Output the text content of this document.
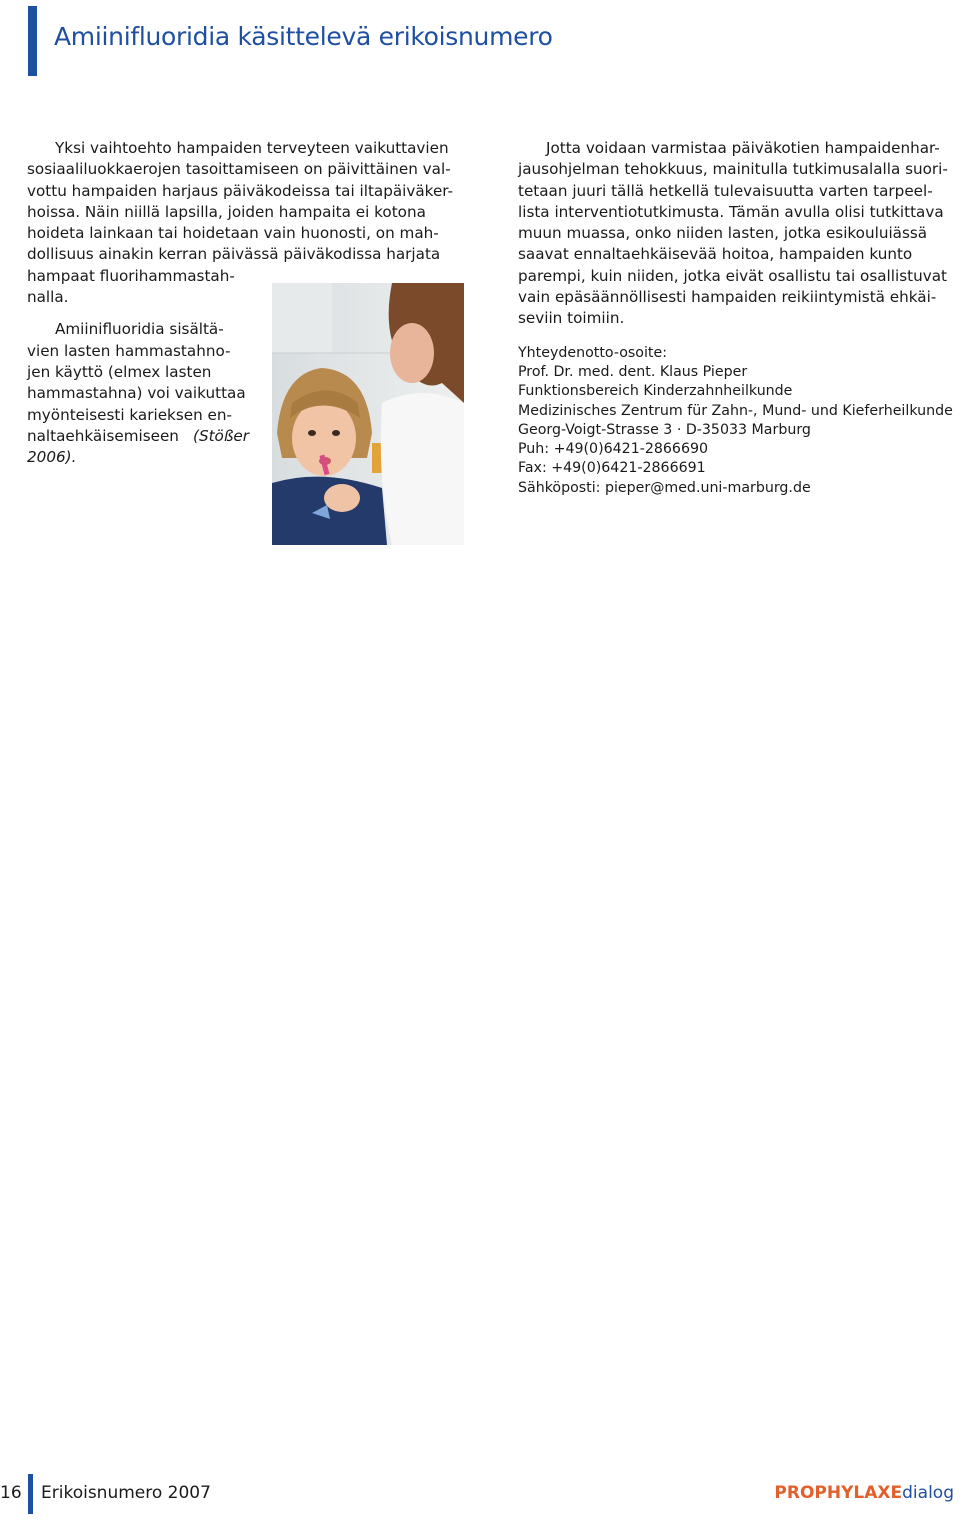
Amiinifluoridia käsittelevä erikoisnumero

Yksi vaihtoehto hampaiden terveyteen vaikuttavien
sosiaaliluokkaerojen tasoittamiseen on päivittäinen val-
vottu hampaiden harjaus päiväkodeissa tai iltapäiväker-
hoissa. Näin niillä lapsilla, joiden hampaita ei kotona
hoideta lainkaan tai hoidetaan vain huonosti, on mah-
dollisuus ainakin kerran päivässä päiväkodissa harjata
hampaat fluorihammastah-
nalla.

Amiinifluoridia sisältä-
vien lasten hammastahno-
jen käyttö (elmex lasten
hammastahna) voi vaikuttaa
myönteisesti karieksen en-
naltaehkäisemiseen (Stößer 2006).

Jotta voidaan varmistaa päiväkotien hampaidenhar-
jausohjelman tehokkuus, mainitulla tutkimusalalla suori-
tetaan juuri tällä hetkellä tulevaisuutta varten tarpeel-
lista interventiotutkimusta. Tämän avulla olisi tutkittava
muun muassa, onko niiden lasten, jotka esikouluiässä
saavat ennaltaehkäisevää hoitoa, hampaiden kunto
parempi, kuin niiden, jotka eivät osallistu tai osallistuvat
vain epäsäännöllisesti hampaiden reikiintymistä ehkäi-
seviin toimiin.

Yhteydenotto-osoite:
Prof. Dr. med. dent. Klaus Pieper
Funktionsbereich Kinderzahnheilkunde
Medizinisches Zentrum für Zahn-, Mund- und Kieferheilkunde
Georg-Voigt-Strasse 3 · D-35033 Marburg
Puh: +49(0)6421-2866690
Fax: +49(0)6421-2866691
Sähköposti: pieper@med.uni-marburg.de
16 Erikoisnumero 2007	PROPHYLAXEdialog
